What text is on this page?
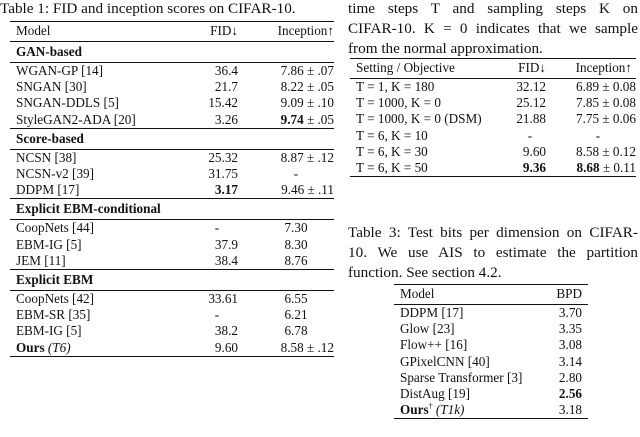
Table 1: FID and inception scores on CIFAR-10.
Model	FID↓	Inception↑
GAN-based		
WGAN-GP [14]	36.4	7.86 ± .07
SNGAN [30]	21.7	8.22 ± .05
SNGAN-DDLS [5]	15.42	9.09 ± .10
StyleGAN2-ADA [20]	3.26	9.74 ± .05
Score-based		
NCSN [38]	25.32	8.87 ± .12
NCSN-v2 [39]	31.75	-
DDPM [17]	3.17	9.46 ± .11
Explicit EBM-conditional		
CoopNets [44]	-	7.30
EBM-IG [5]	37.9	8.30
JEM [11]	38.4	8.76
Explicit EBM		
CoopNets [42]	33.61	6.55
EBM-SR [35]	-	6.21
EBM-IG [5]	38.2	6.78
Ours (T6)	9.60	8.58 ± .12
time steps T and sampling steps K on
CIFAR-10. K = 0 indicates that we sample
from the normal approximation.
Setting / Objective	FID↓	Inception↑
T = 1, K = 180	32.12	6.89 ± 0.08
T = 1000, K = 0	25.12	7.85 ± 0.08
T = 1000, K = 0 (DSM)	21.88	7.75 ± 0.06
T = 6, K = 10	-	-
T = 6, K = 30	9.60	8.58 ± 0.12
T = 6, K = 50	9.36	8.68 ± 0.11
Table 3: Test bits per dimension on CIFAR-
10. We use AIS to estimate the partition
function. See section 4.2.
Model	BPD
DDPM [17]	3.70
Glow [23]	3.35
Flow++ [16]	3.08
GPixelCNN [40]	3.14
Sparse Transformer [3]	2.80
DistAug [19]	2.56
Ours† (T1k)	3.18
